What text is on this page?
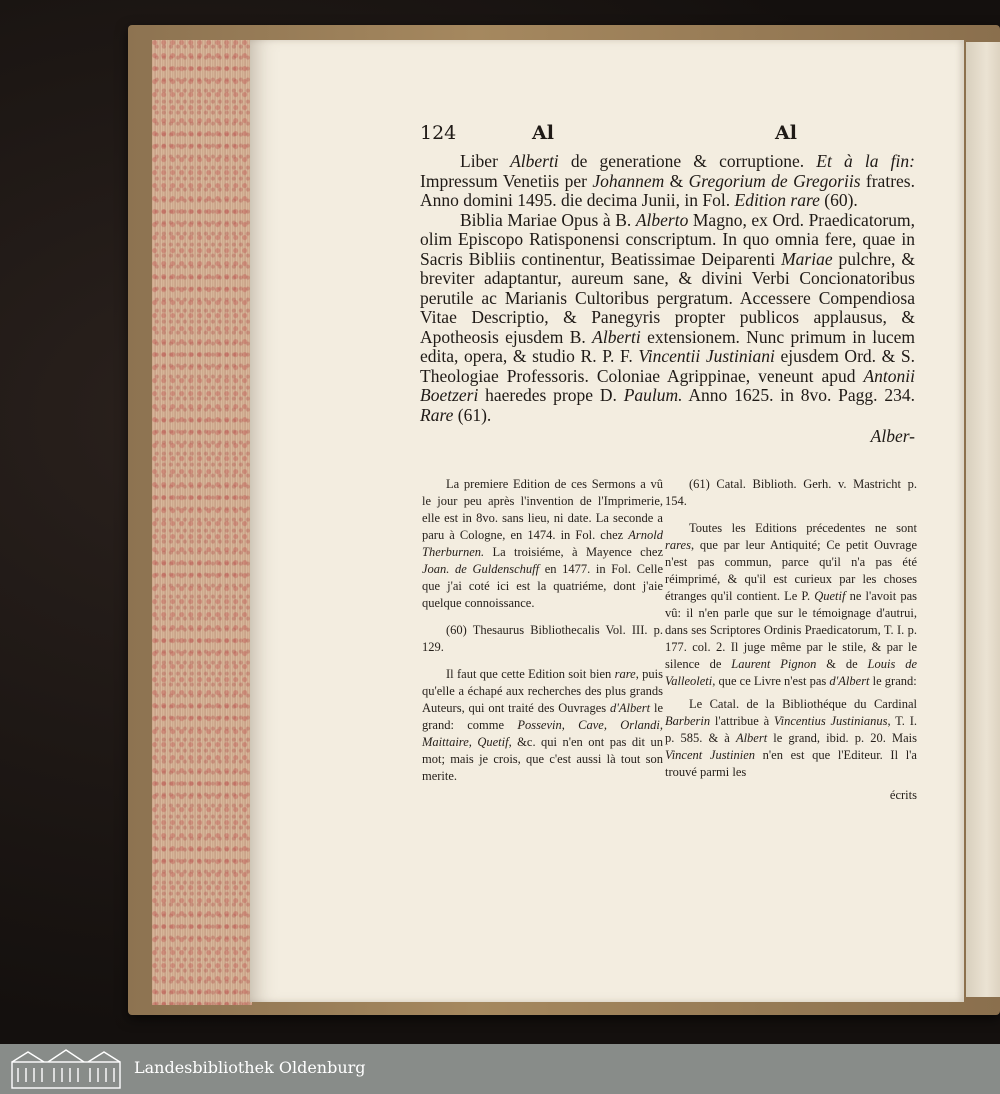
124	Al	Al

Liber Alberti de generatione & corruptione. Et à la fin: Impressum Venetiis per Johannem & Gregorium de Gregoriis fratres. Anno domini 1495. die decima Junii, in Fol. Edition rare (60).

Biblia Mariae Opus à B. Alberto Magno, ex Ord. Praedicatorum, olim Episcopo Ratisponensi conscriptum. In quo omnia fere, quae in Sacris Bibliis continentur, Beatissimae Deiparenti Mariae pulchre, & breviter adaptantur, aureum sane, & divini Verbi Concionatoribus perutile ac Marianis Cultoribus pergratum. Accessere Compendiosa Vitae Descriptio, & Panegyris propter publicos applausus, & Apotheosis ejusdem B. Alberti extensionem. Nunc primum in lucem edita, opera, & studio R. P. F. Vincentii Justiniani ejusdem Ord. & S. Theologiae Professoris. Coloniae Agrippinae, veneunt apud Antonii Boetzeri haeredes prope D. Paulum. Anno 1625. in 8vo. Pagg. 234. Rare (61).

Alber-

La premiere Edition de ces Sermons a vû le jour peu après l'invention de l'Imprimerie, elle est in 8vo. sans lieu, ni date. La seconde a paru à Cologne, en 1474. in Fol. chez Arnold Therburnen. La troisiéme, à Mayence chez Joan. de Guldenschuff en 1477. in Fol. Celle que j'ai coté ici est la quatriéme, dont j'aie quelque connoissance.

(60) Thesaurus Bibliothecalis Vol. III. p. 129.

Il faut que cette Edition soit bien rare, puis qu'elle a échapé aux recherches des plus grands Auteurs, qui ont traité des Ouvrages d'Albert le grand: comme Possevin, Cave, Orlandi, Maittaire, Quetif, &c. qui n'en ont pas dit un mot; mais je crois, que c'est aussi là tout son merite.

(61) Catal. Biblioth. Gerh. v. Mastricht p. 154.

Toutes les Editions précedentes ne sont rares, que par leur Antiquité; Ce petit Ouvrage n'est pas commun, parce qu'il n'a pas été réimprimé, & qu'il est curieux par les choses étranges qu'il contient. Le P. Quetif ne l'avoit pas vû: il n'en parle que sur le témoignage d'autrui, dans ses Scriptores Ordinis Praedicatorum, T. I. p. 177. col. 2. Il juge même par le stile, & par le silence de Laurent Pignon & de Louis de Valleoleti, que ce Livre n'est pas d'Albert le grand:

Le Catal. de la Bibliothéque du Cardinal Barberin l'attribue à Vincentius Justinianus, T. I. p. 585. & à Albert le grand, ibid. p. 20. Mais Vincent Justinien n'en est que l'Editeur. Il l'a trouvé parmi les

écrits
Landesbibliothek Oldenburg
